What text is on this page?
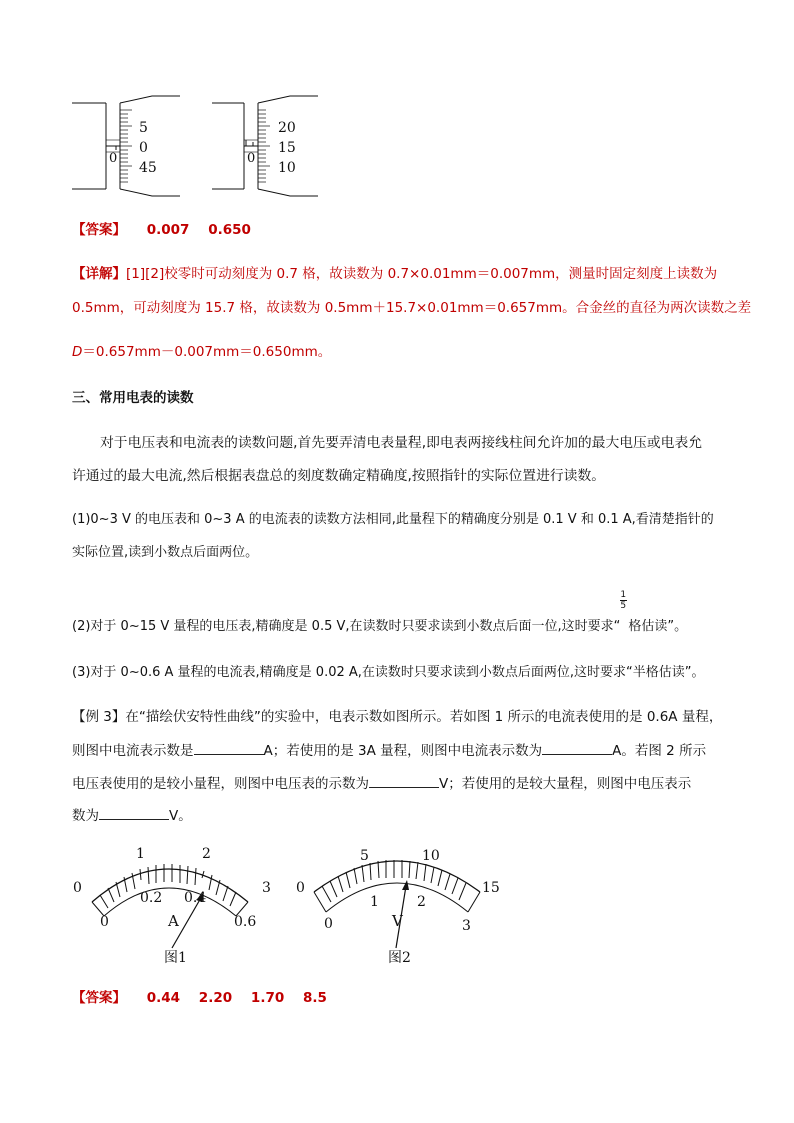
5
0
45
0
20
15
10
0
【答案】 0.007    0.650
【详解】[1][2]校零时可动刻度为 0.7 格，故读数为 0.7×0.01mm＝0.007mm，测量时固定刻度上读数为
0.5mm，可动刻度为 15.7 格，故读数为 0.5mm＋15.7×0.01mm＝0.657mm。合金丝的直径为两次读数之差
D＝0.657mm－0.007mm＝0.650mm。
三、常用电表的读数
对于电压表和电流表的读数问题,首先要弄清电表量程,即电表两接线柱间允许加的最大电压或电表允
许通过的最大电流,然后根据表盘总的刻度数确定精确度,按照指针的实际位置进行读数。
(1)0~3 V 的电压表和 0~3 A 的电流表的读数方法相同,此量程下的精确度分别是 0.1 V 和 0.1 A,看清楚指针的
实际位置,读到小数点后面两位。
(2)对于 0~15 V 量程的电压表,精确度是 0.5 V,在读数时只要求读到小数点后面一位,这时要求“ $\frac{1}{5}$ 格估读”。
(3)对于 0~0.6 A 量程的电流表,精确度是 0.02 A,在读数时只要求读到小数点后面两位,这时要求“半格估读”。
【例 3】在“描绘伏安特性曲线”的实验中，电表示数如图所示。若如图 1 所示的电流表使用的是 0.6A 量程，
则图中电流表示数是	A；若使用的是 3A 量程，则图中电流表示数为	A。若图 2 所示
电压表使用的是较小量程，则图中电压表的示数为	V；若使用的是较大量程，则图中电压表示
数为	V。
0
1	2
3
0
0.2 0.4
0.6
A
图1
0
5	10
15
0
1	2
3
V
图2
【答案】 0.44    2.20    1.70    8.5
